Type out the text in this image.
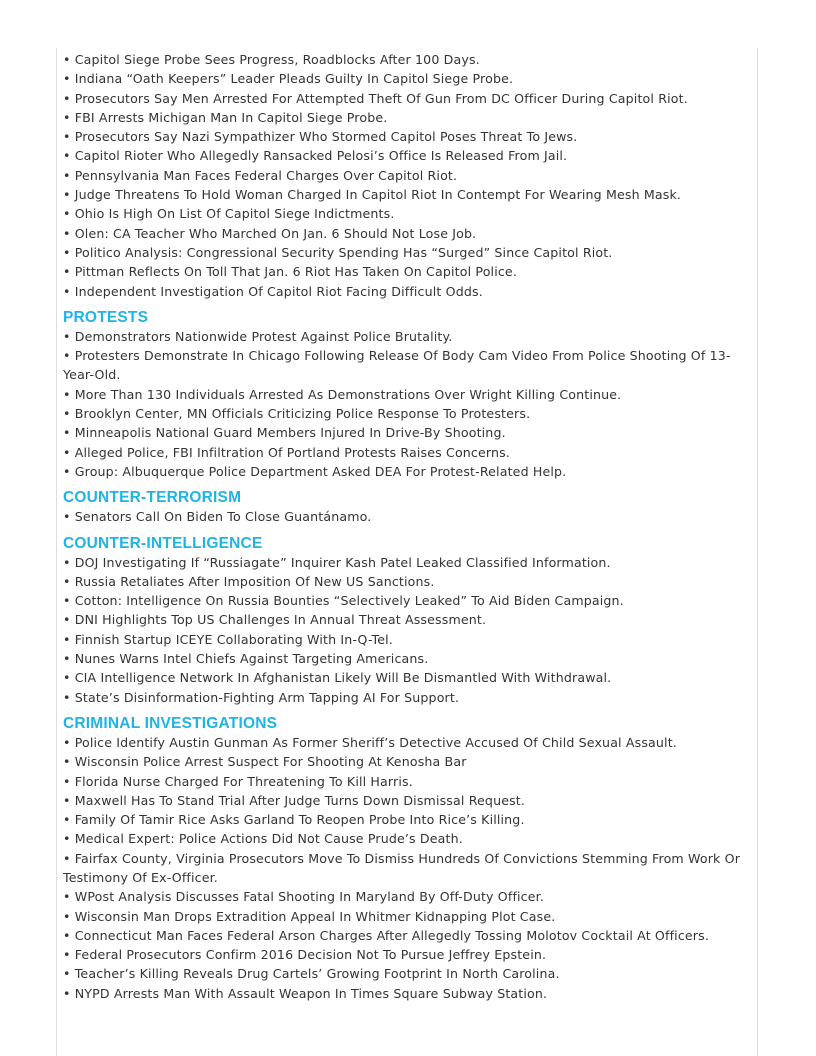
• Capitol Siege Probe Sees Progress, Roadblocks After 100 Days.
• Indiana “Oath Keepers” Leader Pleads Guilty In Capitol Siege Probe.
• Prosecutors Say Men Arrested For Attempted Theft Of Gun From DC Officer During Capitol Riot.
• FBI Arrests Michigan Man In Capitol Siege Probe.
• Prosecutors Say Nazi Sympathizer Who Stormed Capitol Poses Threat To Jews.
• Capitol Rioter Who Allegedly Ransacked Pelosi’s Office Is Released From Jail.
• Pennsylvania Man Faces Federal Charges Over Capitol Riot.
• Judge Threatens To Hold Woman Charged In Capitol Riot In Contempt For Wearing Mesh Mask.
• Ohio Is High On List Of Capitol Siege Indictments.
• Olen: CA Teacher Who Marched On Jan. 6 Should Not Lose Job.
• Politico Analysis: Congressional Security Spending Has “Surged” Since Capitol Riot.
• Pittman Reflects On Toll That Jan. 6 Riot Has Taken On Capitol Police.
• Independent Investigation Of Capitol Riot Facing Difficult Odds.
PROTESTS
• Demonstrators Nationwide Protest Against Police Brutality.
• Protesters Demonstrate In Chicago Following Release Of Body Cam Video From Police Shooting Of 13-Year-Old.
• More Than 130 Individuals Arrested As Demonstrations Over Wright Killing Continue.
• Brooklyn Center, MN Officials Criticizing Police Response To Protesters.
• Minneapolis National Guard Members Injured In Drive-By Shooting.
• Alleged Police, FBI Infiltration Of Portland Protests Raises Concerns.
• Group: Albuquerque Police Department Asked DEA For Protest-Related Help.
COUNTER-TERRORISM
• Senators Call On Biden To Close Guantánamo.
COUNTER-INTELLIGENCE
• DOJ Investigating If “Russiagate” Inquirer Kash Patel Leaked Classified Information.
• Russia Retaliates After Imposition Of New US Sanctions.
• Cotton: Intelligence On Russia Bounties “Selectively Leaked” To Aid Biden Campaign.
• DNI Highlights Top US Challenges In Annual Threat Assessment.
• Finnish Startup ICEYE Collaborating With In-Q-Tel.
• Nunes Warns Intel Chiefs Against Targeting Americans.
• CIA Intelligence Network In Afghanistan Likely Will Be Dismantled With Withdrawal.
• State’s Disinformation-Fighting Arm Tapping AI For Support.
CRIMINAL INVESTIGATIONS
• Police Identify Austin Gunman As Former Sheriff’s Detective Accused Of Child Sexual Assault.
• Wisconsin Police Arrest Suspect For Shooting At Kenosha Bar
• Florida Nurse Charged For Threatening To Kill Harris.
• Maxwell Has To Stand Trial After Judge Turns Down Dismissal Request.
• Family Of Tamir Rice Asks Garland To Reopen Probe Into Rice’s Killing.
• Medical Expert: Police Actions Did Not Cause Prude’s Death.
• Fairfax County, Virginia Prosecutors Move To Dismiss Hundreds Of Convictions Stemming From Work Or Testimony Of Ex-Officer.
• WPost Analysis Discusses Fatal Shooting In Maryland By Off-Duty Officer.
• Wisconsin Man Drops Extradition Appeal In Whitmer Kidnapping Plot Case.
• Connecticut Man Faces Federal Arson Charges After Allegedly Tossing Molotov Cocktail At Officers.
• Federal Prosecutors Confirm 2016 Decision Not To Pursue Jeffrey Epstein.
• Teacher’s Killing Reveals Drug Cartels’ Growing Footprint In North Carolina.
• NYPD Arrests Man With Assault Weapon In Times Square Subway Station.
